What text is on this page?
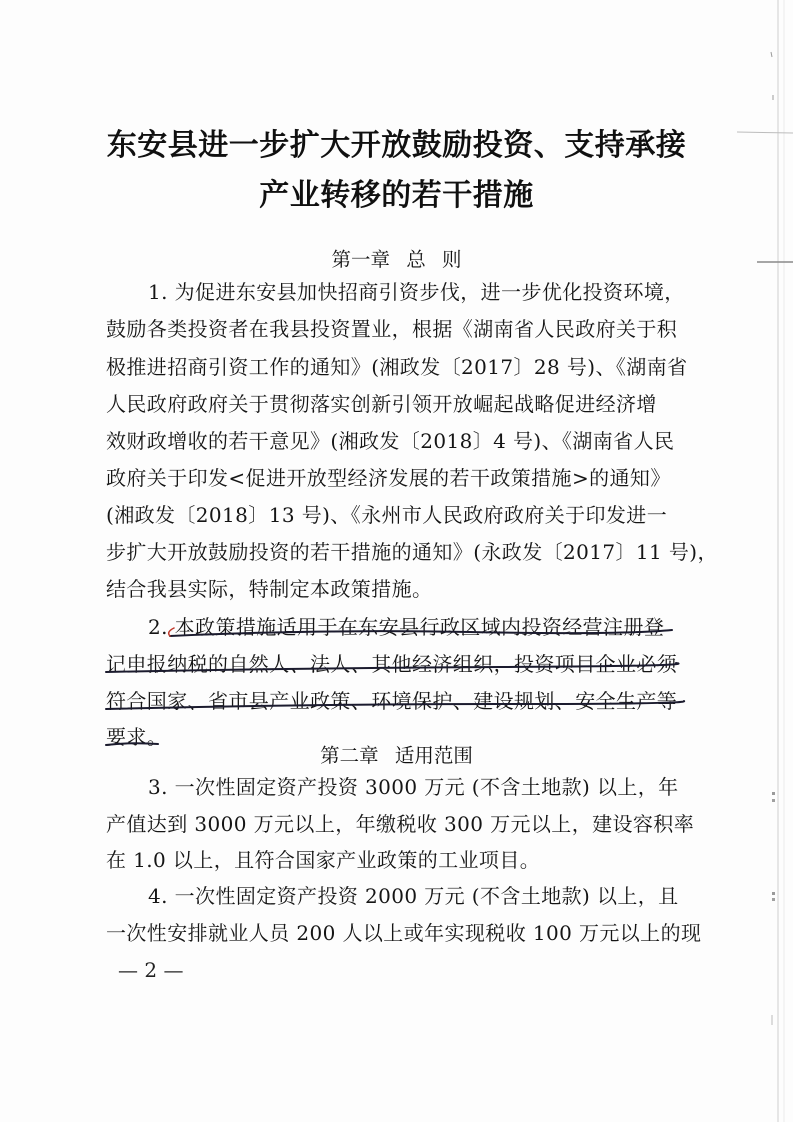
东安县进一步扩大开放鼓励投资、支持承接
产业转移的若干措施
第一章 总 则
1. 为促进东安县加快招商引资步伐，进一步优化投资环境，
鼓励各类投资者在我县投资置业，根据《湖南省人民政府关于积
极推进招商引资工作的通知》(湘政发〔2017〕28 号)、《湖南省
人民政府政府关于贯彻落实创新引领开放崛起战略促进经济增
效财政增收的若干意见》(湘政发〔2018〕4 号)、《湖南省人民
政府关于印发<促进开放型经济发展的若干政策措施>的通知》
(湘政发〔2018〕13 号)、《永州市人民政府政府关于印发进一
步扩大开放鼓励投资的若干措施的通知》(永政发〔2017〕11 号)，
结合我县实际，特制定本政策措施。
2. 本政策措施适用于在东安县行政区域内投资经营注册登
记申报纳税的自然人、法人、其他经济组织，投资项目企业必须
符合国家、省市县产业政策、环境保护、建设规划、安全生产等
要求。
第二章 适用范围
3. 一次性固定资产投资 3000 万元 (不含土地款) 以上，年
产值达到 3000 万元以上，年缴税收 300 万元以上，建设容积率
在 1.0 以上，且符合国家产业政策的工业项目。
4. 一次性固定资产投资 2000 万元 (不含土地款) 以上，且
一次性安排就业人员 200 人以上或年实现税收 100 万元以上的现
— 2 —
